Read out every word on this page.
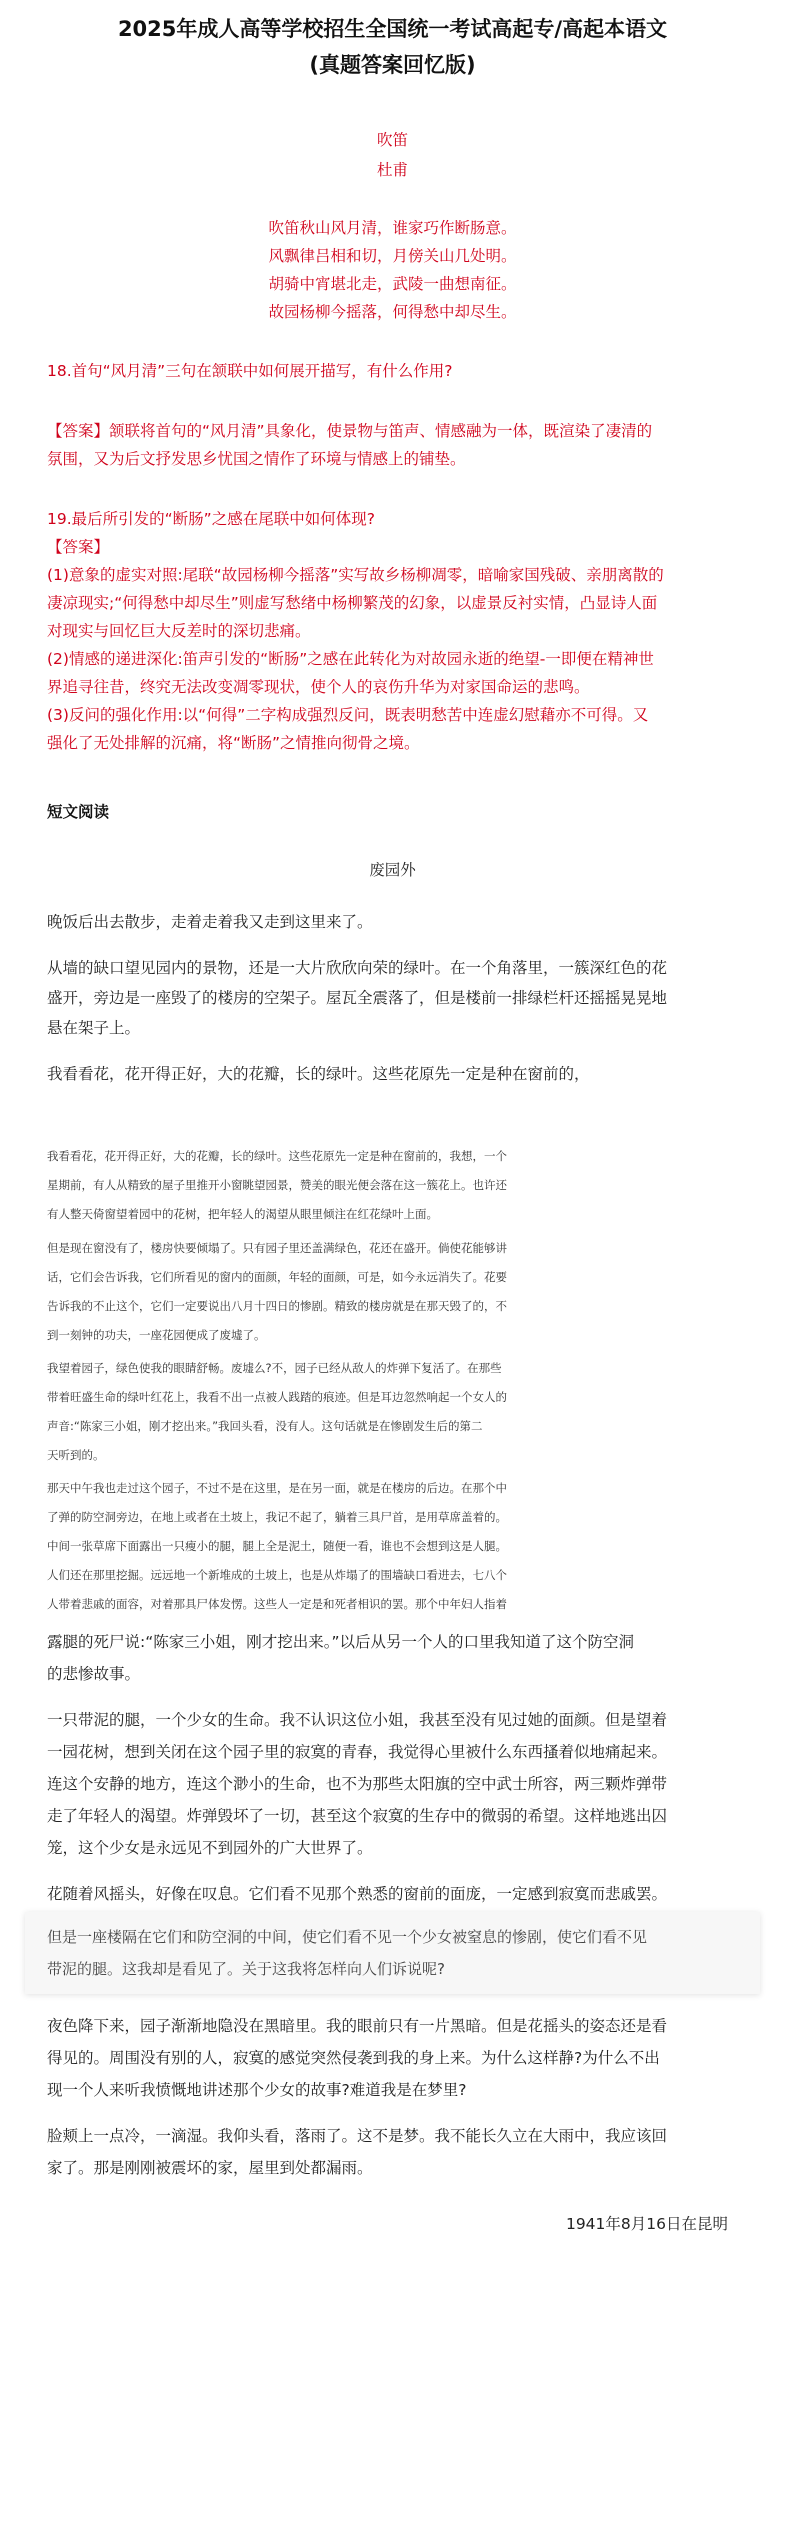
2025年成人高等学校招生全国统一考试高起专/高起本语文
(真题答案回忆版)
吹笛
杜甫
吹笛秋山风月清，谁家巧作断肠意。
风飘律吕相和切，月傍关山几处明。
胡骑中宵堪北走，武陵一曲想南征。
故园杨柳今摇落，何得愁中却尽生。
18.首句“风月清”三句在颔联中如何展开描写，有什么作用?
【答案】颔联将首句的“风月清”具象化，使景物与笛声、情感融为一体，既渲染了凄清的
氛围，又为后文抒发思乡忧国之情作了环境与情感上的铺垫。
19.最后所引发的“断肠”之感在尾联中如何体现?
【答案】
(1)意象的虚实对照:尾联“故园杨柳今摇落”实写故乡杨柳凋零，暗喻家国残破、亲朋离散的
凄凉现实;“何得愁中却尽生”则虚写愁绪中杨柳繁茂的幻象，以虚景反衬实情，凸显诗人面
对现实与回忆巨大反差时的深切悲痛。
(2)情感的递进深化:笛声引发的“断肠”之感在此转化为对故园永逝的绝望-一即便在精神世
界追寻往昔，终究无法改变凋零现状，使个人的哀伤升华为对家国命运的悲鸣。
(3)反问的强化作用:以“何得”二字构成强烈反问，既表明愁苦中连虚幻慰藉亦不可得。又
强化了无处排解的沉痛，将“断肠”之情推向彻骨之境。
短文阅读
废园外
晚饭后出去散步，走着走着我又走到这里来了。
从墙的缺口望见园内的景物，还是一大片欣欣向荣的绿叶。在一个角落里，一簇深红色的花
盛开，旁边是一座毁了的楼房的空架子。屋瓦全震落了，但是楼前一排绿栏杆还摇摇晃晃地
悬在架子上。
我看看花，花开得正好，大的花瓣，长的绿叶。这些花原先一定是种在窗前的，
我看看花，花开得正好，大的花瓣，长的绿叶。这些花原先一定是种在窗前的，我想，一个
星期前，有人从精致的屋子里推开小窗眺望园景，赞美的眼光便会落在这一簇花上。也许还
有人整天倚窗望着园中的花树，把年轻人的渴望从眼里倾注在红花绿叶上面。
但是现在窗没有了，楼房快要倾塌了。只有园子里还盖满绿色，花还在盛开。倘使花能够讲
话，它们会告诉我，它们所看见的窗内的面颜，年轻的面颜，可是，如今永远消失了。花要
告诉我的不止这个，它们一定要说出八月十四日的惨剧。精致的楼房就是在那天毁了的，不
到一刻钟的功夫，一座花园便成了废墟了。
我望着园子，绿色使我的眼睛舒畅。废墟么?不，园子已经从敌人的炸弹下复活了。在那些
带着旺盛生命的绿叶红花上，我看不出一点被人践踏的痕迹。但是耳边忽然响起一个女人的
声音:“陈家三小姐，刚才挖出来。”我回头看，没有人。这句话就是在惨剧发生后的第二
天听到的。
那天中午我也走过这个园子，不过不是在这里，是在另一面，就是在楼房的后边。在那个中
了弹的防空洞旁边，在地上或者在土坡上，我记不起了，躺着三具尸首，是用草席盖着的。
中间一张草席下面露出一只瘦小的腿，腿上全是泥土，随便一看，谁也不会想到这是人腿。
人们还在那里挖掘。远远地一个新堆成的土坡上，也是从炸塌了的围墙缺口看进去，七八个
人带着悲戚的面容，对着那具尸体发愣。这些人一定是和死者相识的罢。那个中年妇人指着
露腿的死尸说:“陈家三小姐，刚才挖出来。”以后从另一个人的口里我知道了这个防空洞
的悲惨故事。
一只带泥的腿，一个少女的生命。我不认识这位小姐，我甚至没有见过她的面颜。但是望着
一园花树，想到关闭在这个园子里的寂寞的青春，我觉得心里被什么东西搔着似地痛起来。
连这个安静的地方，连这个渺小的生命，也不为那些太阳旗的空中武士所容，两三颗炸弹带
走了年轻人的渴望。炸弹毁坏了一切，甚至这个寂寞的生存中的微弱的希望。这样地逃出囚
笼，这个少女是永远见不到园外的广大世界了。
花随着风摇头，好像在叹息。它们看不见那个熟悉的窗前的面庞，一定感到寂寞而悲戚罢。
但是一座楼隔在它们和防空洞的中间，使它们看不见一个少女被窒息的惨剧，使它们看不见
带泥的腿。这我却是看见了。关于这我将怎样向人们诉说呢?
夜色降下来，园子渐渐地隐没在黑暗里。我的眼前只有一片黑暗。但是花摇头的姿态还是看
得见的。周围没有别的人，寂寞的感觉突然侵袭到我的身上来。为什么这样静?为什么不出
现一个人来听我愤慨地讲述那个少女的故事?难道我是在梦里?
脸颊上一点冷，一滴湿。我仰头看，落雨了。这不是梦。我不能长久立在大雨中，我应该回
家了。那是刚刚被震坏的家，屋里到处都漏雨。
1941年8月16日在昆明
